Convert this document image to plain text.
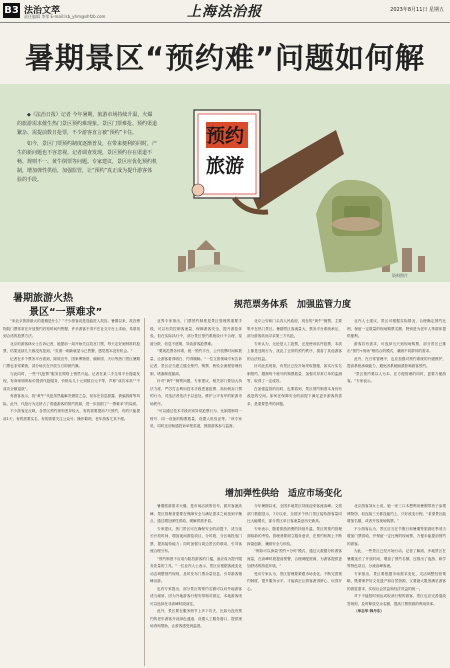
B3 法治文萃
责任编辑 李荣 E-mail:lsb_yhm@shfzb.com	上海法治报	2023年8月11日 星期五
暑期景区“预约难”问题如何解

◆《法治日报》记者 今年暑期，旅游市场持续升温，火爆的旅游需求催生热门景区预约难现象。景区门票难抢、预约渠道繁杂、需提前数日抢票，不少游客直言被“预约”卡住。

如今，景区门票预约制度逐渐普及，在带来便利的同时，产生的新问题也不容忽视。记者调查发现，景区预约存在渠道不畅、规则不一、黄牛倒票等问题。专家建议，景区应优化预约机制，增加弹性供给，加强监管，让“预约”真正成为提升游客体验的手段。

预约
旅游
资料图片
暑期旅游火热
景区“一票难求”
规范票务体系　加强监管力度
增加弹性供给　适应市场变化

“来北京旅游最大的遗憾是什么？”不少游客说是没能进入故宫。暑期以来，故宫博物院门票常常在开放预约后短时间内售罄，许多游客不得不在社交平台上求助，希望找到合适的抢票方法。

北京的游客林女士告诉记者，她提前一周开始关注故宫门票，每天定好闹钟准时抢票，结果连续几天都没有抢到。“页面一刷新就显示已售罄，感觉根本没有机会。”

记者在多个票务平台看到，除故宫外，国家博物馆、颐和园、天坛等热门景区暑期门票也非常紧俏，部分场次在开放当日即被约满。

与此同时，一些“代抢票”服务在网络上悄然兴起。记者在某二手交易平台搜索发现，有商家明码标价提供代抢服务，价格从几十元到数百元不等，声称“成功率高”“不成功全额退款”。

有游客表示，找“黄牛”代抢虽然能解决燃眉之急，但存在信息泄露、被骗钱财等风险。此外，代抢行为还挤占了普通游客的预约资源，进一步加剧了“一票难求”的局面。

不少游客还反映，各景区预约规则差异较大，有的需要提前7天预约，有的只能提前1天；有的需要实名，有的需要关注公众号；操作繁琐，老年游客尤其不便。

业界专家指出，门票预约制度是景区管理的重要手段，可以有效控制客流量、保障游客安全、提升游览体验。但在实际执行中，部分景区预约系统设计不合理、渠道分散、信息不透明，导致游客抢票难。

“要规范票务体系，统一预约平台，公开放票时间和数量，让游客看得明白、约得顺畅。”一位文旅领域专家告诉记者，景区应当建立健全预约、购票、核验全流程管理机制，堵塞制度漏洞。

针对“黄牛”倒票问题，专家建议，相关部门要加大执法力度，严厉打击利用技术手段恶意抢票、高价倒卖门票的行为，对违法者依法予以惩处，维护公平有序的旅游市场秩序。

“可以通过技术手段识别异常抢票行为，比如限制同一账号、同一设备的购票数量，设置人机验证等。”该专家说，同时还应畅通投诉举报渠道，鼓励游客参与监督。

北京公安和门头沟人民政府，现在的“黄牛”倒票，主要集中在热门景区。暑期景区客流量大，票务平台系统承压，部分游客转而寻求第三方代抢。

专家认为，无论是人工抢票，还是使用软件抢票，本质上都是违规行为，扰乱了正常的预约秩序，损害了其他游客的合法权益。

针对此类现象，有景区已经开始采取措施，如实行实名制预约、限制每个账号的购票数量、加强对异常订单的监测等，取得了一定成效。

在加强监管的同时，也要看到，景区预约制度本身仍有改进的空间。如何在保障安全的前提下满足更多游客的需求，是需要思考的问题。

业内人士建议，景区可根据实际情况，合理确定预约比例，保留一定数量的现场购票名额，特别是为老年人等群体提供便利。

游客若有需求，可选择当天到现场购票，部分景区已推出“预约+现场”相结合的模式，兼顾不同群体的需求。

此外，在日常管理中，也应加强对预约系统的升级维护，提高系统承载能力，避免因系统崩溃影响游客预约。

“景区预约要以人为本，在方便管理的同时，更要方便游客。”专家表示。

暑期旅游需求火爆，是市场活跃的信号。面对客流高峰，景区管理者需要在保障安全与满足需求之间找到平衡点，通过增加弹性供给，缓解供需矛盾。

专家建议，热门景区可在确保安全的前提下，适当延长开放时间、增加夜间游览项目，分时段、分区域投放门票，提高接待能力；同时加强与周边景区的联动，引导客流合理分布。

“预约制度不应成为阻挡游客的门槛，而应成为提升服务质量的工具。”一位业内人士表示，景区应根据客流变化动态调整预约规则，及时发布门票余量信息，引导游客错峰出游。

也有专家提出，部分景区的预约名额可以向外地游客适当倾斜，因为外地游客行程安排相对固定，本地游客则可以选择在非高峰时段前往。

此外，景区要在服务细节上多下功夫，比如为没有预约的老年游客开设绿色通道，设置人工服务窗口，提供现场咨询帮助，让游客感受到温度。

今年暑期以来，全国多地景区持续迎来客流高峰。文旅部门数据显示，7月以来，全国多个热门景区接待游客量同比大幅增长，部分景区单日客流量创历史新高。

专家表示，随着旅游消费的持续升温，景区的预约管理面临新的考验。管理者要树立服务意识，在预约机制上不断探索创新，兼顾安全与体验。

“例如可以探索‘预约+分时’模式，通过大数据分析游客流量，在高峰时段提前预警，合理调配资源，为游客提供更加舒适的游览环境。”

受访专家认为，景区管理要紧跟市场变化，不断完善预约制度，提升服务水平，才能真正让游客游得舒心、玩得开心。

北京游客刘女士说，她一家三口本想利用暑假带孩子参观博物馆，但连续三天都没能约上，只好改变行程。“希望景区能增加名额，或者开放现场购票。”

不少游客认为，景区应当在节假日和暑期等旅游旺季适当增加门票供给，并保留一定比例的现场票，方便未能提前预约的游客。

为此，一些景区已经开始行动。记者了解到，多地景区在暑期延长了开放时间，增加了预约名额，还推出了夜游、研学等特色项目，分流高峰客流。

专家指出，景区要根据市场需求变化，灵活调整经营策略，既要保护好文化遗产和自然资源，又要最大限度满足游客的游览需求，实现社会效益和经济效益的统一。

对于不能按时到达或取消行程的游客，景区也应完善退改签规则，及时释放空余名额，提高门票资源的利用效率。

（单志华 韩丹东）
